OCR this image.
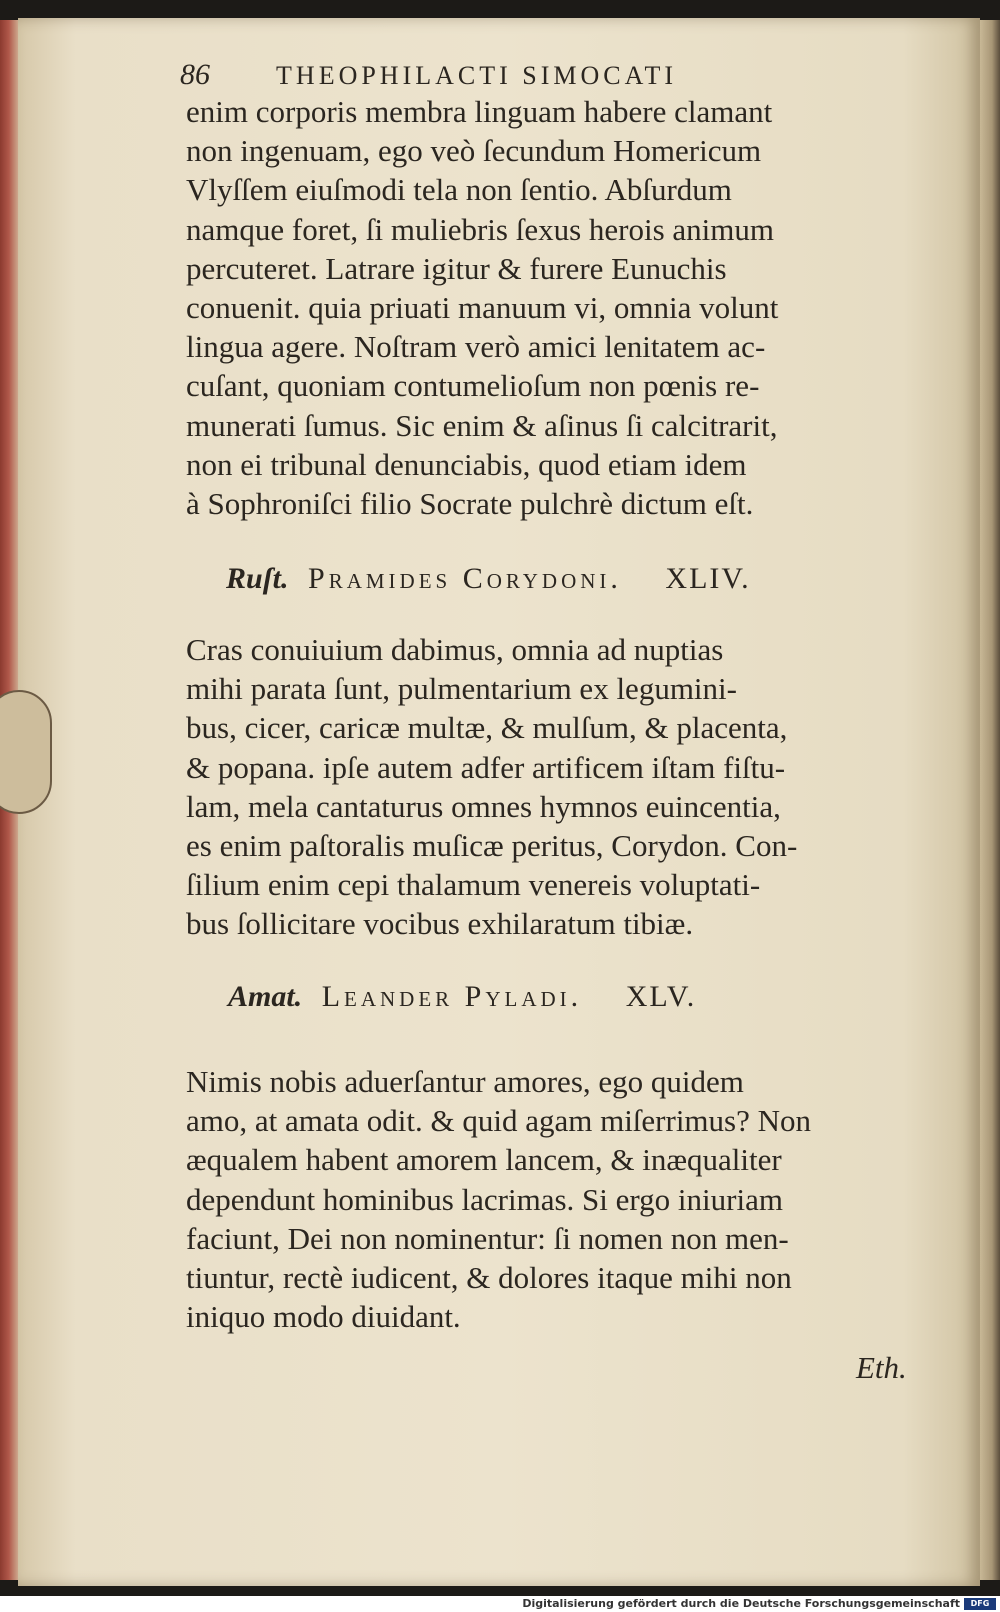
86	THEOPHILACTI SIMOCATI
enim corporis membra linguam habere clamant
non ingenuam, ego veò ſecundum Homericum
Vlyſſem eiuſmodi tela non ſentio. Abſurdum
namque foret, ſi muliebris ſexus herois animum
percuteret. Latrare igitur & furere Eunuchis
conuenit. quia priuati manuum vi, omnia volunt
lingua agere. Noſtram verò amici lenitatem ac-
cuſant, quoniam contumelioſum non pœnis re-
munerati ſumus. Sic enim & aſinus ſi calcitrarit,
non ei tribunal denunciabis, quod etiam idem
à Sophroniſci filio Socrate pulchrè dictum eſt.
Ruſt. Pramides Corydoni. XLIV.
Cras conuiuium dabimus, omnia ad nuptias
mihi parata ſunt, pulmentarium ex legumini-
bus, cicer, caricæ multæ, & mulſum, & placenta,
& popana. ipſe autem adfer artificem iſtam fiſtu-
lam, mela cantaturus omnes hymnos euincentia,
es enim paſtoralis muſicæ peritus, Corydon. Con-
ſilium enim cepi thalamum venereis voluptati-
bus ſollicitare vocibus exhilaratum tibiæ.
Amat. Leander Pyladi. XLV.
Nimis nobis aduerſantur amores, ego quidem
amo, at amata odit. & quid agam miſerrimus? Non
æqualem habent amorem lancem, & inæqualiter
dependunt hominibus lacrimas. Si ergo iniuriam
faciunt, Dei non nominentur: ſi nomen non men-
tiuntur, rectè iudicent, & dolores itaque mihi non
iniquo modo diuidant.
Eth.
Digitalisierung gefördert durch die Deutsche Forschungsgemeinschaft	DFG
